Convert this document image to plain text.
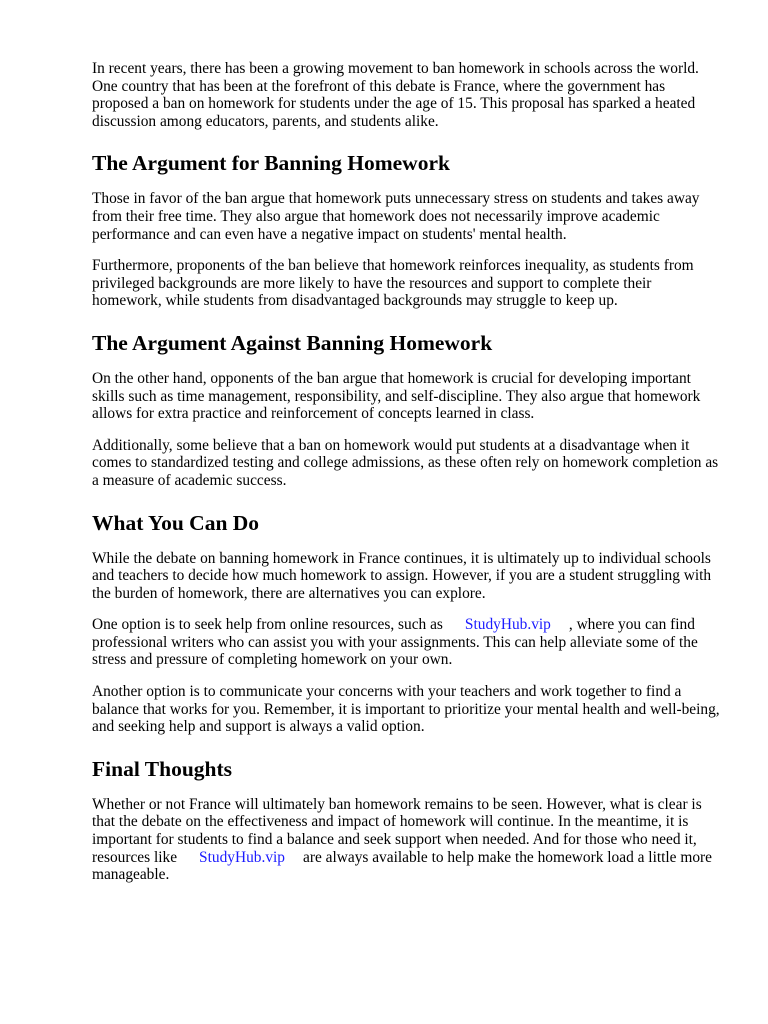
In recent years, there has been a growing movement to ban homework in schools across the world. One country that has been at the forefront of this debate is France, where the government has proposed a ban on homework for students under the age of 15. This proposal has sparked a heated discussion among educators, parents, and students alike.

The Argument for Banning Homework

Those in favor of the ban argue that homework puts unnecessary stress on students and takes away from their free time. They also argue that homework does not necessarily improve academic performance and can even have a negative impact on students' mental health.

Furthermore, proponents of the ban believe that homework reinforces inequality, as students from privileged backgrounds are more likely to have the resources and support to complete their homework, while students from disadvantaged backgrounds may struggle to keep up.

The Argument Against Banning Homework

On the other hand, opponents of the ban argue that homework is crucial for developing important skills such as time management, responsibility, and self-discipline. They also argue that homework allows for extra practice and reinforcement of concepts learned in class.

Additionally, some believe that a ban on homework would put students at a disadvantage when it comes to standardized testing and college admissions, as these often rely on homework completion as a measure of academic success.

What You Can Do

While the debate on banning homework in France continues, it is ultimately up to individual schools and teachers to decide how much homework to assign. However, if you are a student struggling with the burden of homework, there are alternatives you can explore.

One option is to seek help from online resources, such as StudyHub.vip , where you can find professional writers who can assist you with your assignments. This can help alleviate some of the stress and pressure of completing homework on your own.

Another option is to communicate your concerns with your teachers and work together to find a balance that works for you. Remember, it is important to prioritize your mental health and well-being, and seeking help and support is always a valid option.

Final Thoughts

Whether or not France will ultimately ban homework remains to be seen. However, what is clear is that the debate on the effectiveness and impact of homework will continue. In the meantime, it is important for students to find a balance and seek support when needed. And for those who need it, resources like StudyHub.vip are always available to help make the homework load a little more manageable.
